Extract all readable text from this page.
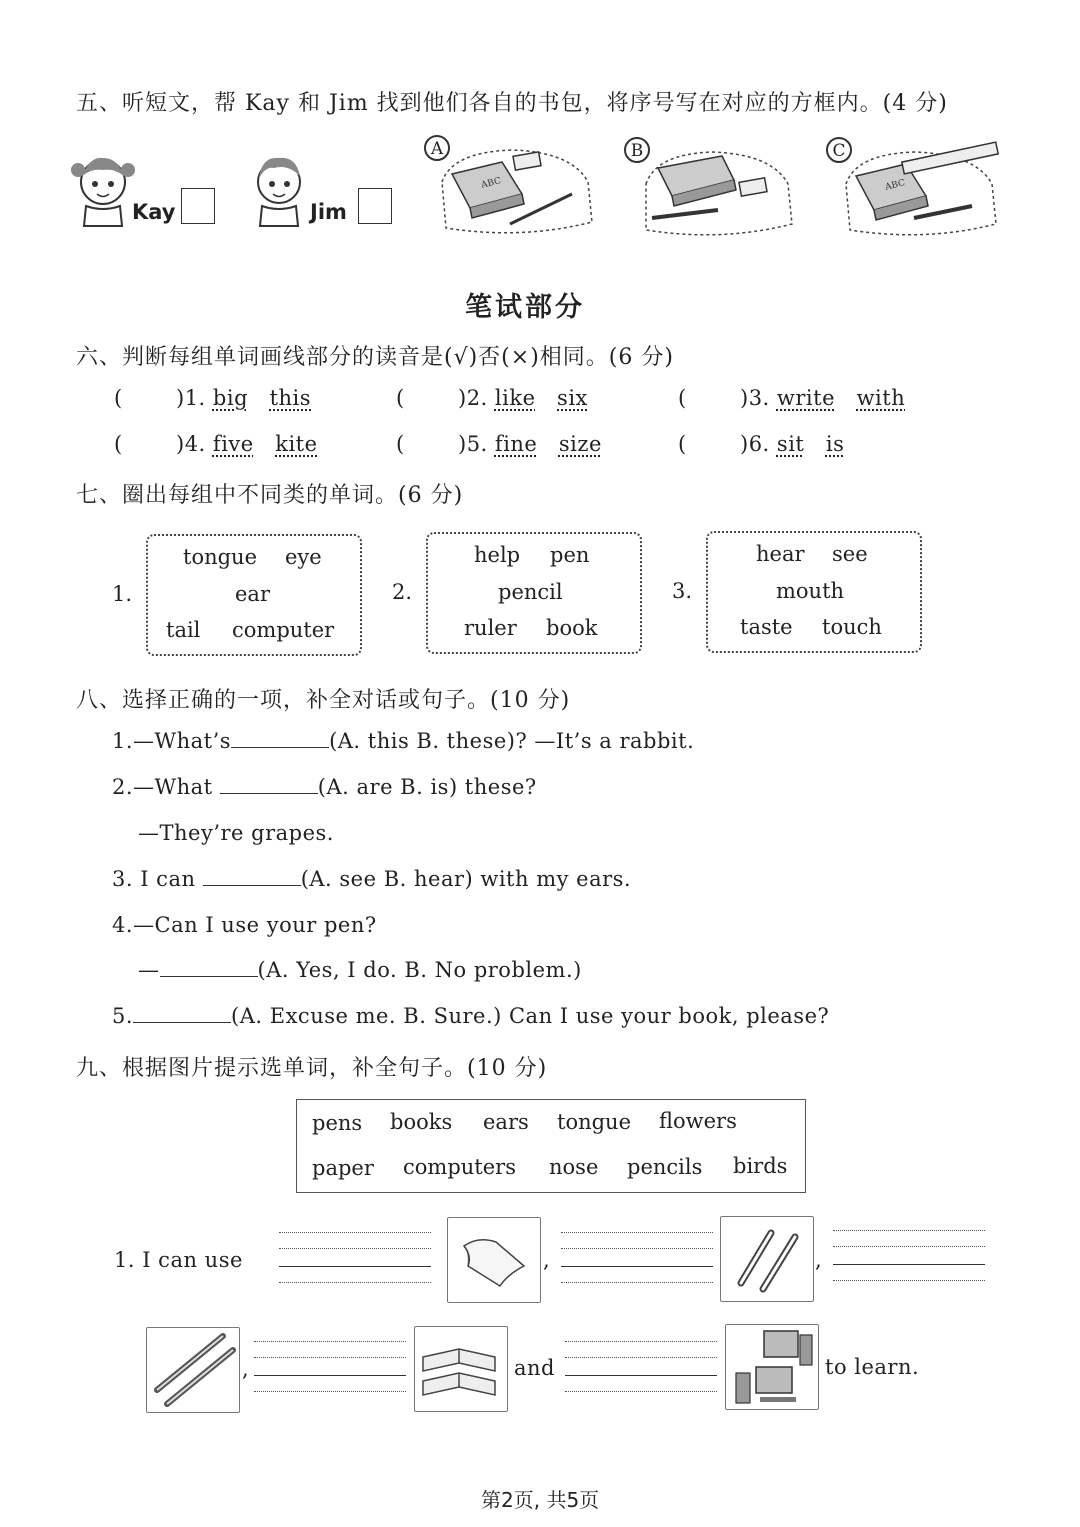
五、听短文，帮 Kay 和 Jim 找到他们各自的书包，将序号写在对应的方框内。(4 分)
Kay	Jim
A
ABC
B	C
ABC
笔试部分
六、判断每组单词画线部分的读音是(√)否(×)相同。(6 分)
(	)1. big this	(	)2. like six	(	)3. write with
(	)4. five kite	(	)5. fine size	(	)6. sit is
七、圈出每组中不同类的单词。(6 分)
1.
tongue eye
ear
tail computer
2.
help pen
pencil
ruler book
3.
hear see
mouth
taste touch
八、选择正确的一项，补全对话或句子。(10 分)
1.—What’s	(A. this B. these)? —It’s a rabbit.
2.—What	(A. are B. is) these?
—They’re grapes.
3. I can	(A. see B. hear) with my ears.
4.—Can I use your pen?
—	(A. Yes, I do. B. No problem.)
5.	(A. Excuse me. B. Sure.) Can I use your book, please?
九、根据图片提示选单词，补全句子。(10 分)
pens books ears tongue flowers
paper computers nose pencils birds
1. I can use	,	,
,	and	to learn.
第2页, 共5页
